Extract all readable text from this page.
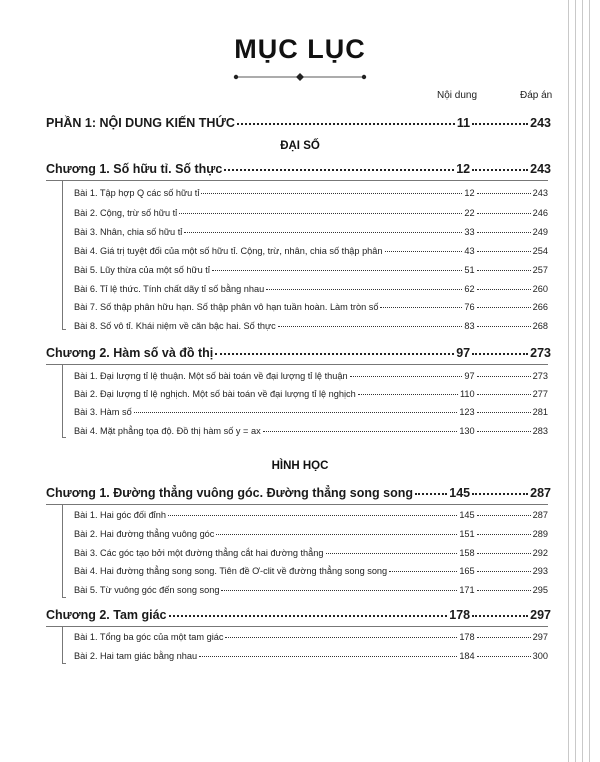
MỤC LỤC
Nội dung	Đáp án
PHẦN 1: NỘI DUNG KIẾN THỨC	11	243
ĐẠI SỐ
Chương 1. Số hữu tỉ. Số thực	12	243
Bài 1. Tập hợp Q các số hữu tỉ	12	243
Bài 2. Cộng, trừ số hữu tỉ	22	246
Bài 3. Nhân, chia số hữu tỉ	33	249
Bài 4. Giá trị tuyệt đối của một số hữu tỉ. Cộng, trừ, nhân, chia số thập phân	43	254
Bài 5. Lũy thừa của một số hữu tỉ	51	257
Bài 6. Tỉ lệ thức. Tính chất dãy tỉ số bằng nhau	62	260
Bài 7. Số thập phân hữu hạn. Số thập phân vô hạn tuần hoàn. Làm tròn số	76	266
Bài 8. Số vô tỉ. Khái niệm về căn bậc hai. Số thực	83	268
Chương 2. Hàm số và đồ thị	97	273
Bài 1. Đại lượng tỉ lệ thuận. Một số bài toán về đại lượng tỉ lệ thuận	97	273
Bài 2. Đại lượng tỉ lệ nghịch. Một số bài toán về đại lượng tỉ lệ nghịch	110	277
Bài 3. Hàm số	123	281
Bài 4. Mặt phẳng tọa độ. Đồ thị hàm số y = ax	130	283
HÌNH HỌC
Chương 1. Đường thẳng vuông góc. Đường thẳng song song	145	287
Bài 1. Hai góc đối đỉnh	145	287
Bài 2. Hai đường thẳng vuông góc	151	289
Bài 3. Các góc tạo bởi một đường thẳng cắt hai đường thẳng	158	292
Bài 4. Hai đường thẳng song song. Tiên đề Ơ-clit về đường thẳng song song	165	293
Bài 5. Từ vuông góc đến song song	171	295
Chương 2. Tam giác	178	297
Bài 1. Tổng ba góc của một tam giác	178	297
Bài 2. Hai tam giác bằng nhau	184	300
